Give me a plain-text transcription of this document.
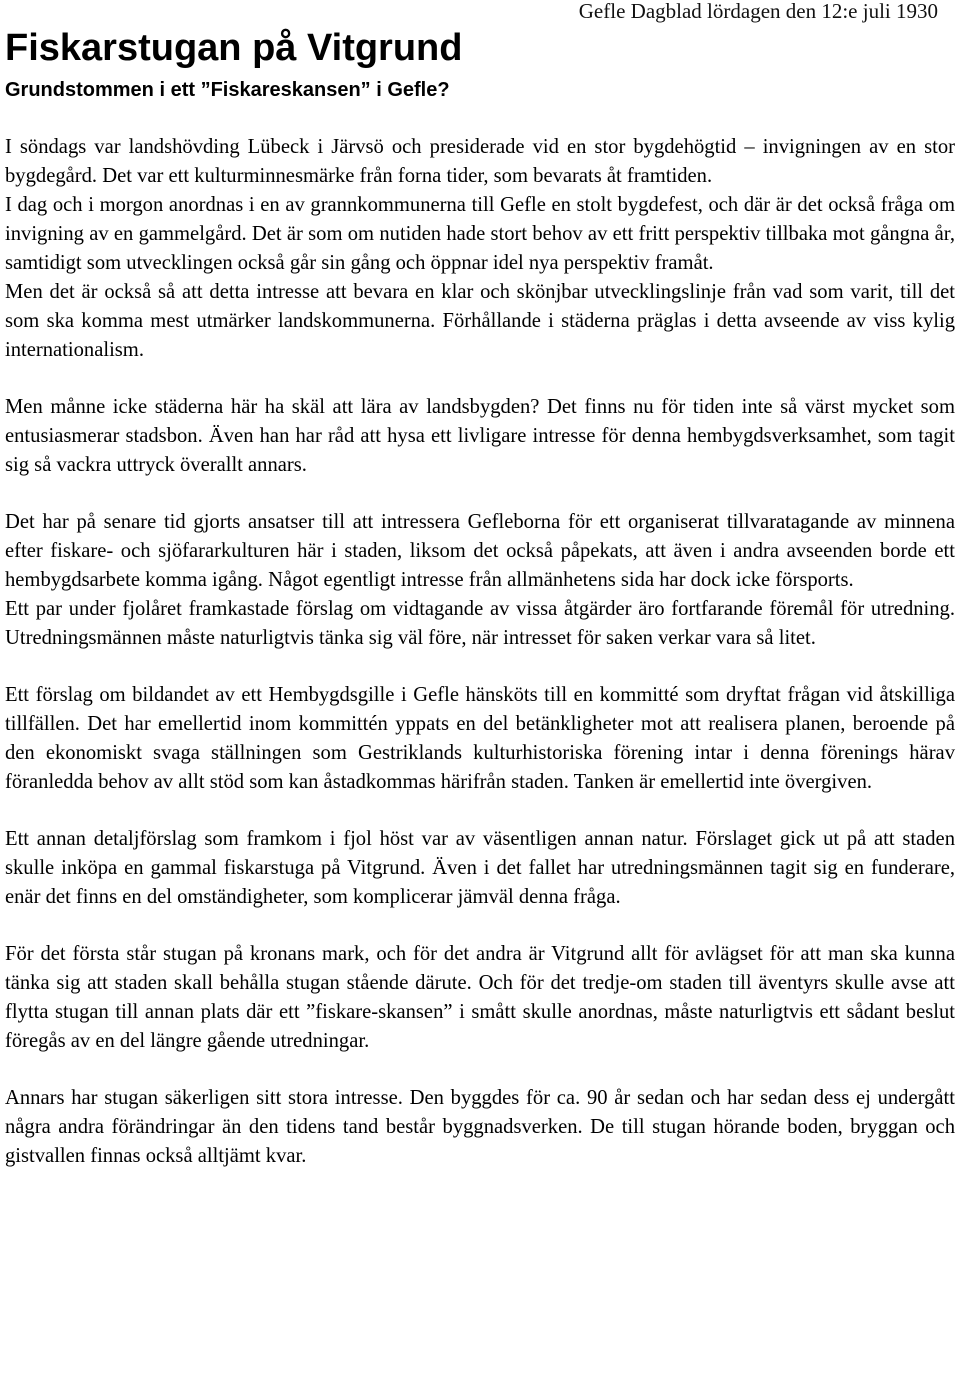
Gefle Dagblad lördagen den 12:e juli 1930
Fiskarstugan på Vitgrund
Grundstommen i ett ”Fiskareskansen” i Gefle?

I söndags var landshövding Lübeck i Järvsö och presiderade vid en stor bygdehögtid – invigningen av en stor bygdegård. Det var ett kulturminnesmärke från forna tider, som bevarats åt framtiden.

I dag och i morgon anordnas i en av grannkommunerna till Gefle en stolt bygdefest, och där är det också fråga om invigning av en gammelgård. Det är som om nutiden hade stort behov av ett fritt perspektiv tillbaka mot gångna år, samtidigt som utvecklingen också går sin gång och öppnar idel nya perspektiv framåt.

Men det är också så att detta intresse att bevara en klar och skönjbar utvecklingslinje från vad som varit, till det som ska komma mest utmärker landskommunerna. Förhållande i städerna präglas i detta avseende av viss kylig internationalism.

Men månne icke städerna här ha skäl att lära av landsbygden? Det finns nu för tiden inte så värst mycket som entusiasmerar stadsbon. Även han har råd att hysa ett livligare intresse för denna hembygdsverksamhet, som tagit sig så vackra uttryck överallt annars.

Det har på senare tid gjorts ansatser till att intressera Gefleborna för ett organiserat tillvaratagande av minnena efter fiskare- och sjöfararkulturen här i staden, liksom det också påpekats, att även i andra avseenden borde ett hembygdsarbete komma igång. Något egentligt intresse från allmänhetens sida har dock icke försports.

Ett par under fjolåret framkastade förslag om vidtagande av vissa åtgärder äro fortfarande föremål för utredning. Utredningsmännen måste naturligtvis tänka sig väl före, när intresset för saken verkar vara så litet.

Ett förslag om bildandet av ett Hembygdsgille i Gefle hänsköts till en kommitté som dryftat frågan vid åtskilliga tillfällen. Det har emellertid inom kommittén yppats en del betänkligheter mot att realisera planen, beroende på den ekonomiskt svaga ställningen som Gestriklands kulturhistoriska förening intar i denna förenings härav föranledda behov av allt stöd som kan åstadkommas härifrån staden. Tanken är emellertid inte övergiven.

Ett annan detaljförslag som framkom i fjol höst var av väsentligen annan natur. Förslaget gick ut på att staden skulle inköpa en gammal fiskarstuga på Vitgrund. Även i det fallet har utredningsmännen tagit sig en funderare, enär det finns en del omständigheter, som komplicerar jämväl denna fråga.

För det första står stugan på kronans mark, och för det andra är Vitgrund allt för avlägset för att man ska kunna tänka sig att staden skall behålla stugan stående därute. Och för det tredje-om staden till äventyrs skulle avse att flytta stugan till annan plats där ett ”fiskare-skansen” i smått skulle anordnas, måste naturligtvis ett sådant beslut föregås av en del längre gående utredningar.

Annars har stugan säkerligen sitt stora intresse. Den byggdes för ca. 90 år sedan och har sedan dess ej undergått några andra förändringar än den tidens tand består byggnadsverken. De till stugan hörande boden, bryggan och gistvallen finnas också alltjämt kvar.
